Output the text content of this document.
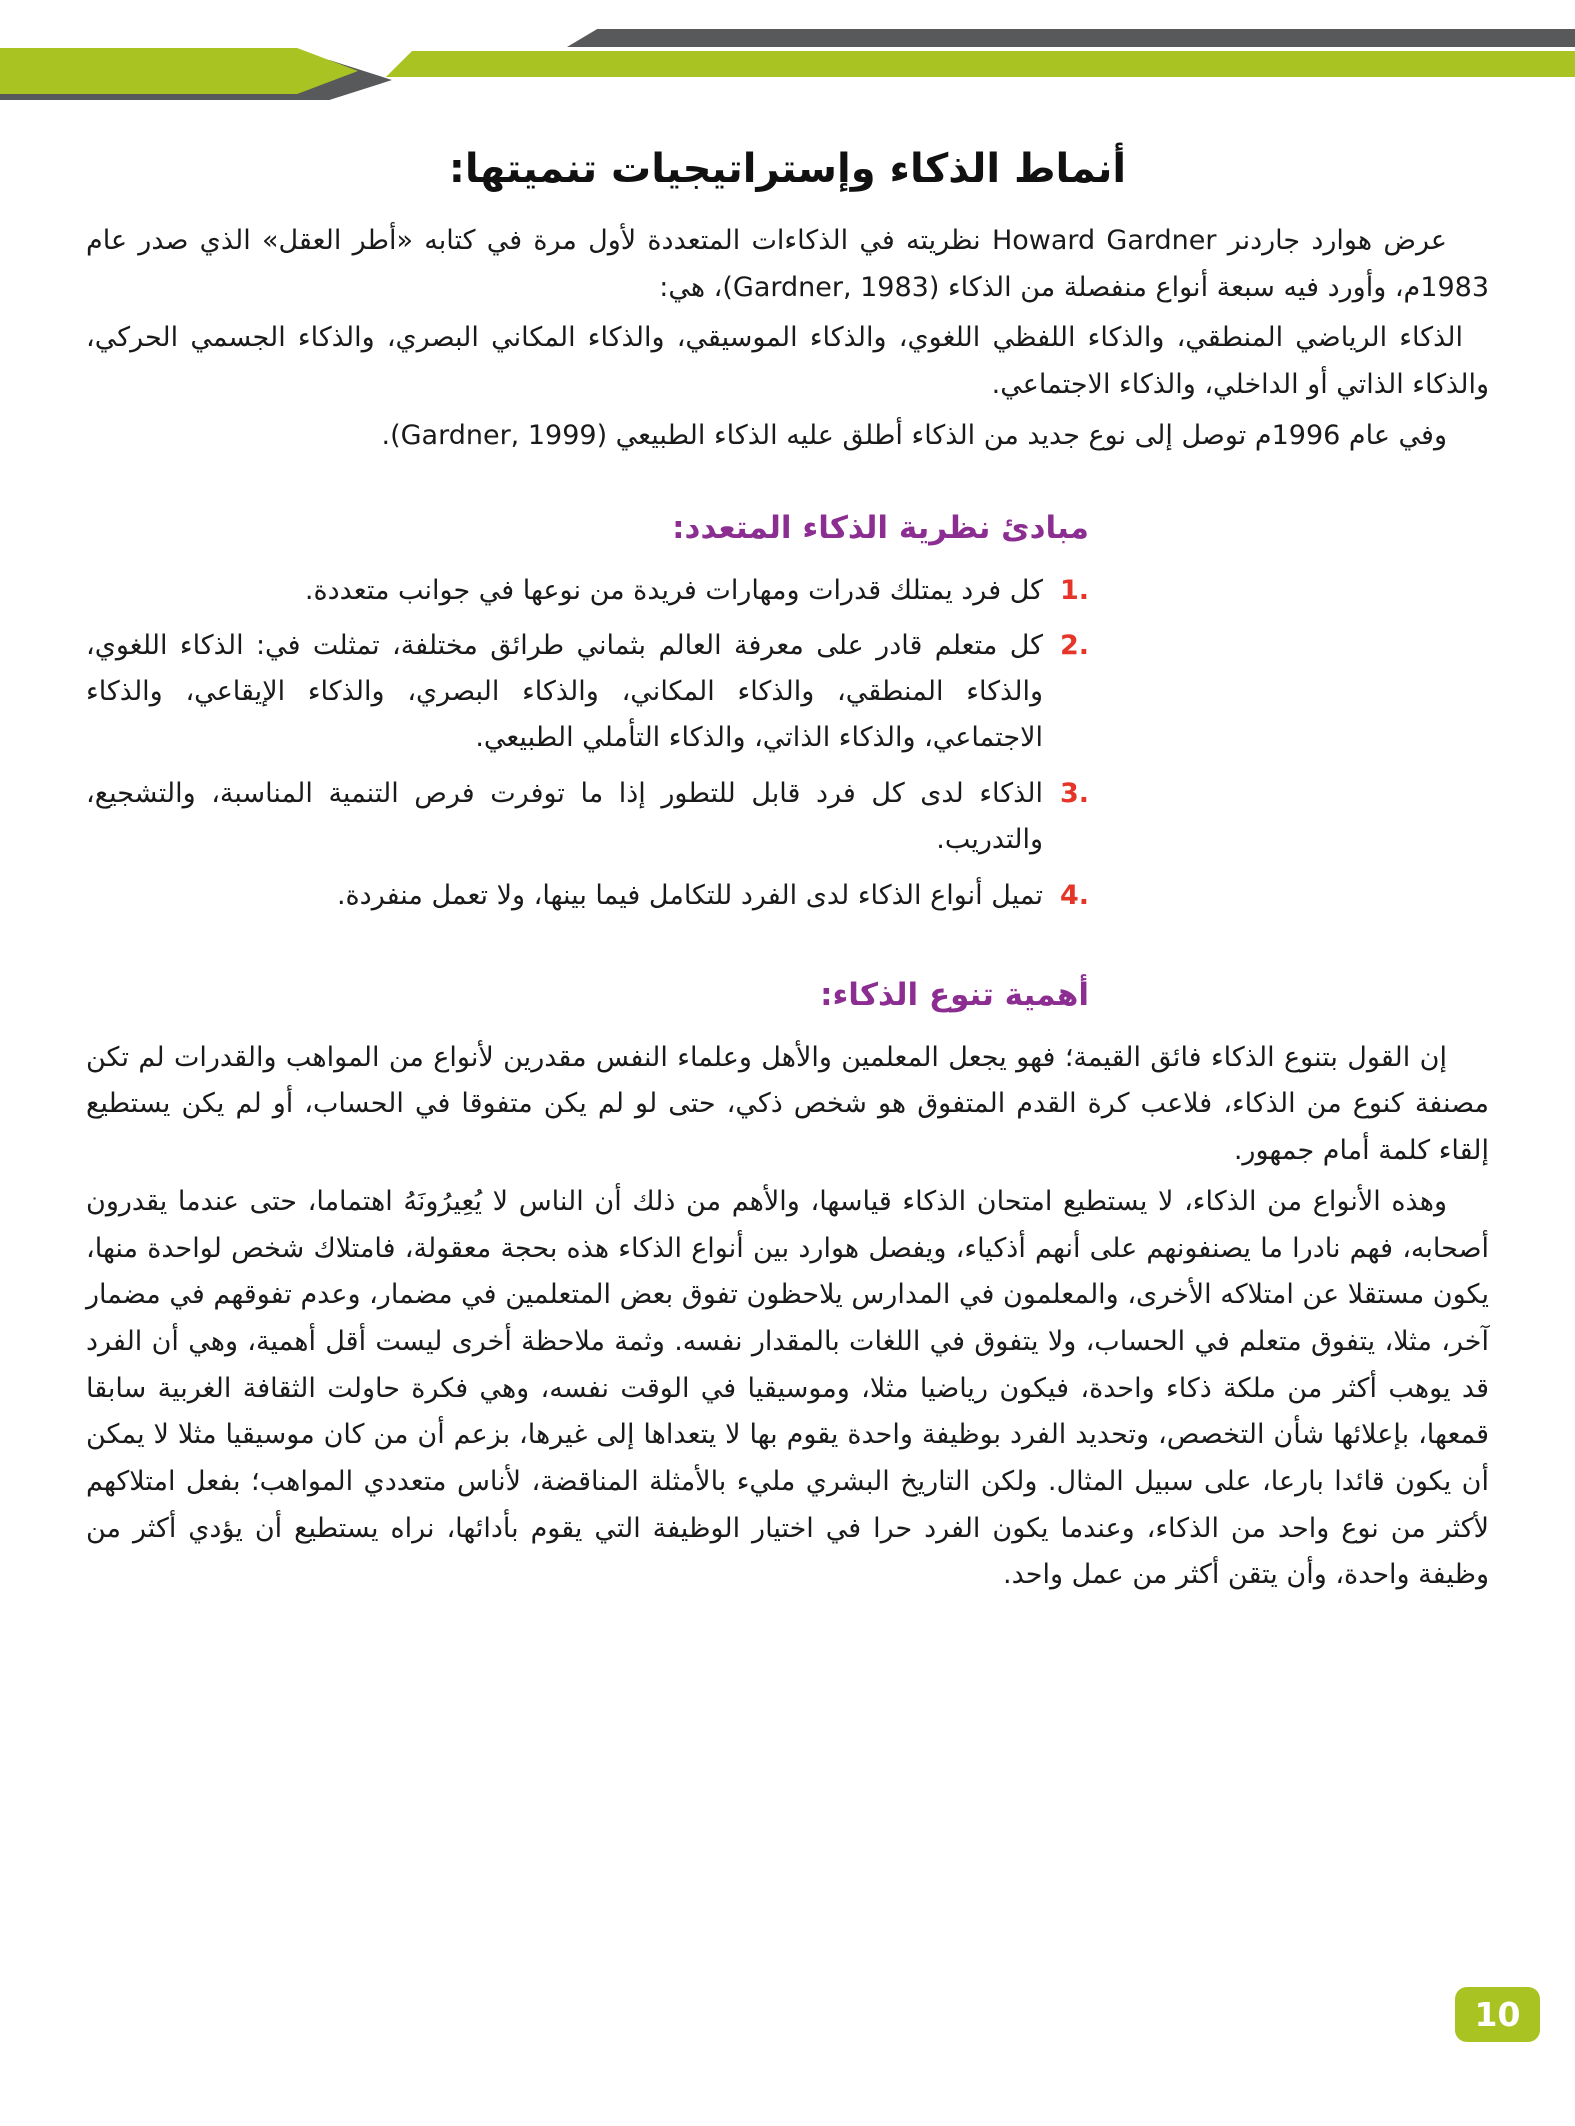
أنماط الذكاء وإستراتيجيات تنميتها:

عرض هوارد جاردنر Howard Gardner نظريته في الذكاءات المتعددة لأول مرة في كتابه «أطر العقل» الذي صدر عام 1983م، وأورد فيه سبعة أنواع منفصلة من الذكاء (Gardner, 1983)، هي:

الذكاء الرياضي المنطقي، والذكاء اللفظي اللغوي، والذكاء الموسيقي، والذكاء المكاني البصري، والذكاء الجسمي الحركي، والذكاء الذاتي أو الداخلي، والذكاء الاجتماعي.

وفي عام 1996م توصل إلى نوع جديد من الذكاء أطلق عليه الذكاء الطبيعي (Gardner, 1999).

مبادئ نظرية الذكاء المتعدد:
1.
كل فرد يمتلك قدرات ومهارات فريدة من نوعها في جوانب متعددة.
2.
كل متعلم قادر على معرفة العالم بثماني طرائق مختلفة، تمثلت في: الذكاء اللغوي، والذكاء المنطقي، والذكاء المكاني، والذكاء البصري، والذكاء الإيقاعي، والذكاء الاجتماعي، والذكاء الذاتي، والذكاء التأملي الطبيعي.
3.
الذكاء لدى كل فرد قابل للتطور إذا ما توفرت فرص التنمية المناسبة، والتشجيع، والتدريب.
4.
تميل أنواع الذكاء لدى الفرد للتكامل فيما بينها، ولا تعمل منفردة.
أهمية تنوع الذكاء:

إن القول بتنوع الذكاء فائق القيمة؛ فهو يجعل المعلمين والأهل وعلماء النفس مقدرين لأنواع من المواهب والقدرات لم تكن مصنفة كنوع من الذكاء، فلاعب كرة القدم المتفوق هو شخص ذكي، حتى لو لم يكن متفوقا في الحساب، أو لم يكن يستطيع إلقاء كلمة أمام جمهور.

وهذه الأنواع من الذكاء، لا يستطيع امتحان الذكاء قياسها، والأهم من ذلك أن الناس لا يُعِيرُونَهُ اهتماما، حتى عندما يقدرون أصحابه، فهم نادرا ما يصنفونهم على أنهم أذكياء، ويفصل هوارد بين أنواع الذكاء هذه بحجة معقولة، فامتلاك شخص لواحدة منها، يكون مستقلا عن امتلاكه الأخرى، والمعلمون في المدارس يلاحظون تفوق بعض المتعلمين في مضمار، وعدم تفوقهم في مضمار آخر، مثلا، يتفوق متعلم في الحساب، ولا يتفوق في اللغات بالمقدار نفسه. وثمة ملاحظة أخرى ليست أقل أهمية، وهي أن الفرد قد يوهب أكثر من ملكة ذكاء واحدة، فيكون رياضيا مثلا، وموسيقيا في الوقت نفسه، وهي فكرة حاولت الثقافة الغربية سابقا قمعها، بإعلائها شأن التخصص، وتحديد الفرد بوظيفة واحدة يقوم بها لا يتعداها إلى غيرها، بزعم أن من كان موسيقيا مثلا لا يمكن أن يكون قائدا بارعا، على سبيل المثال. ولكن التاريخ البشري مليء بالأمثلة المناقضة، لأناس متعددي المواهب؛ بفعل امتلاكهم لأكثر من نوع واحد من الذكاء، وعندما يكون الفرد حرا في اختيار الوظيفة التي يقوم بأدائها، نراه يستطيع أن يؤدي أكثر من وظيفة واحدة، وأن يتقن أكثر من عمل واحد.

10
